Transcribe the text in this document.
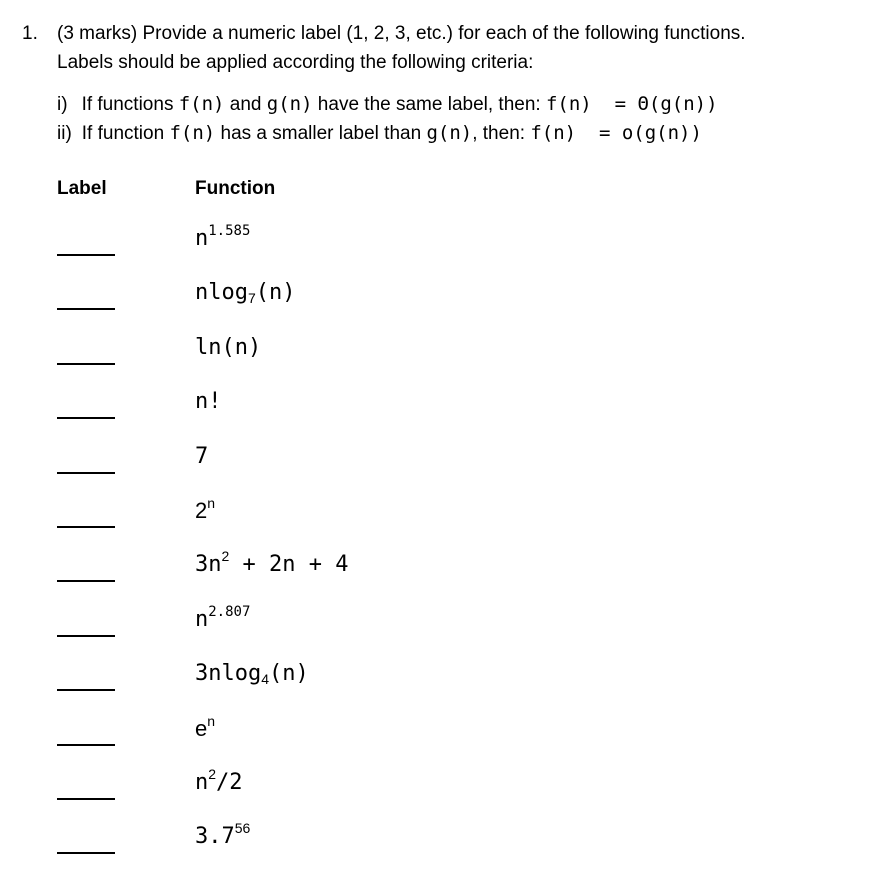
1. (3 marks) Provide a numeric label (1, 2, 3, etc.) for each of the following functions.
Labels should be applied according the following criteria:
i) If functions f(n) and g(n) have the same label, then: f(n)  = Θ(g(n))
ii) If function f(n) has a smaller label than g(n), then: f(n)  = o(g(n))
Label	Function
$n^{1.585}$
nlog7(n)
ln(n)
n!
7
2$^n$
$3n^2 + 2n + 4$
$n^{2.807}$
3nlog4(n)
$e^n$
$n^2/2$
$3.7^{56}$
